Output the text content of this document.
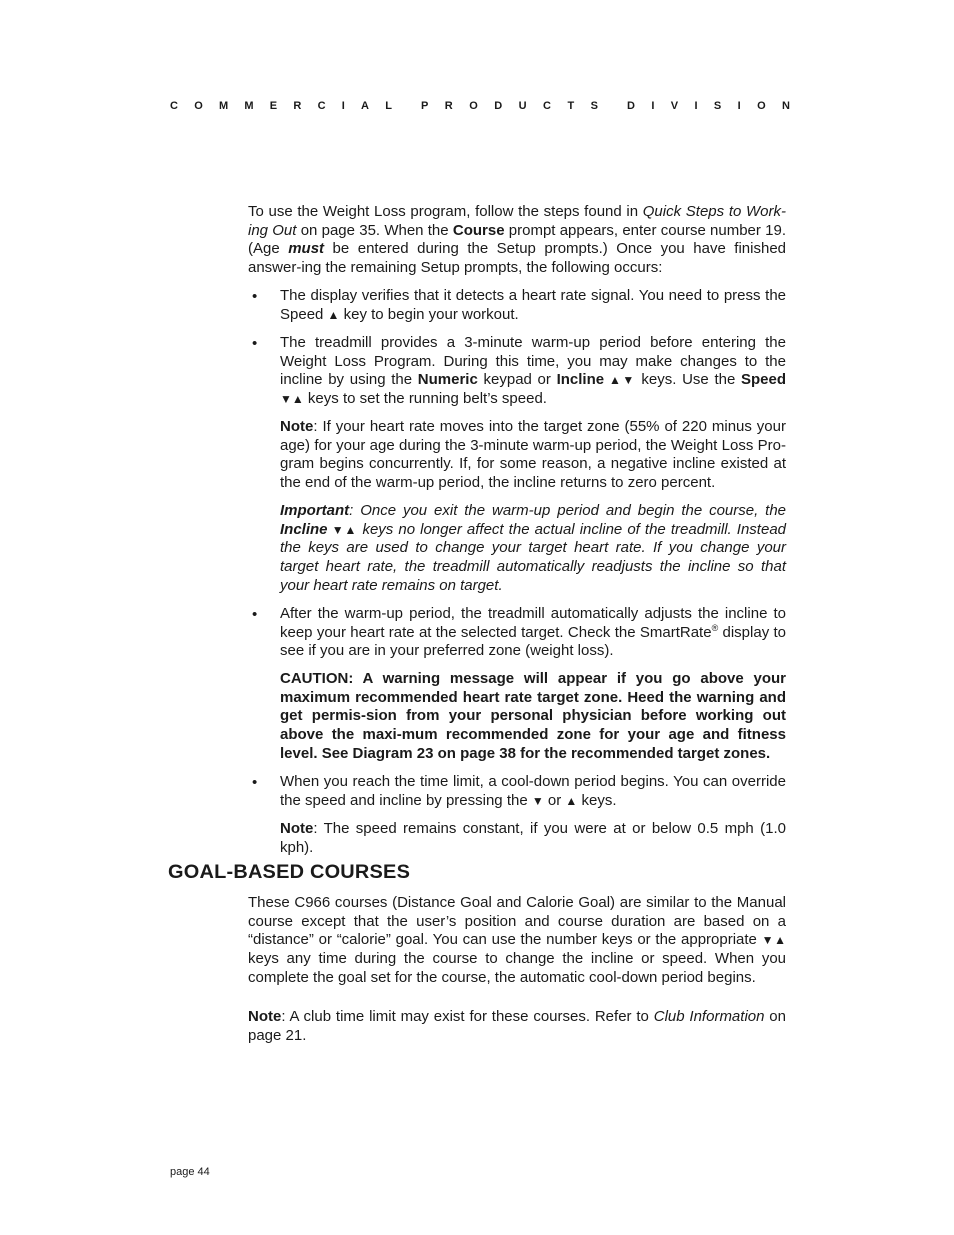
C O M M E R C I A L	P R O D U C T S	D I V I S I O N

To use the Weight Loss program, follow the steps found in Quick Steps to Work-ing Out on page 35. When the Course prompt appears, enter course number 19. (Age must be entered during the Setup prompts.) Once you have finished answer-ing the remaining Setup prompts, the following occurs:

• The display verifies that it detects a heart rate signal. You need to press the Speed ▲ key to begin your workout.

• The treadmill provides a 3-minute warm-up period before entering the Weight Loss Program. During this time, you may make changes to the incline by using the Numeric keypad or Incline ▲▼ keys. Use the Speed ▼▲ keys to set the running belt’s speed.

Note: If your heart rate moves into the target zone (55% of 220 minus your age) for your age during the 3-minute warm-up period, the Weight Loss Pro-gram begins concurrently. If, for some reason, a negative incline existed at the end of the warm-up period, the incline returns to zero percent.

Important: Once you exit the warm-up period and begin the course, the Incline ▼▲ keys no longer affect the actual incline of the treadmill. Instead the keys are used to change your target heart rate. If you change your target heart rate, the treadmill automatically readjusts the incline so that your heart rate remains on target.

• After the warm-up period, the treadmill automatically adjusts the incline to keep your heart rate at the selected target. Check the SmartRate® display to see if you are in your preferred zone (weight loss).

CAUTION: A warning message will appear if you go above your maximum recommended heart rate target zone. Heed the warning and get permis-sion from your personal physician before working out above the maxi-mum recommended zone for your age and fitness level. See Diagram 23 on page 38 for the recommended target zones.

• When you reach the time limit, a cool-down period begins. You can override the speed and incline by pressing the ▼ or ▲ keys.

Note: The speed remains constant, if you were at or below 0.5 mph (1.0 kph).

GOAL-BASED COURSES

These C966 courses (Distance Goal and Calorie Goal) are similar to the Manual course except that the user’s position and course duration are based on a “distance” or “calorie” goal. You can use the number keys or the appropriate ▼▲ keys any time during the course to change the incline or speed. When you complete the goal set for the course, the automatic cool-down period begins.

Note: A club time limit may exist for these courses. Refer to Club Information on page 21.

page 44
